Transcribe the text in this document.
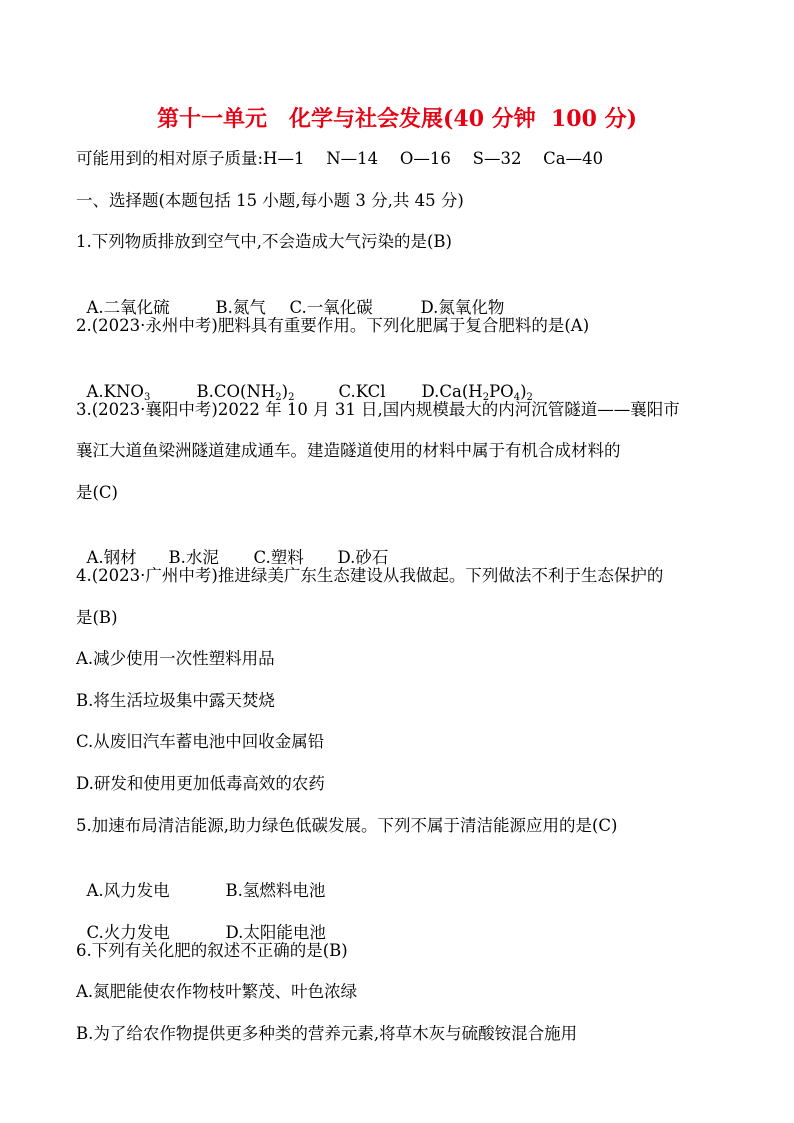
第十一单元　化学与社会发展(40 分钟  100 分)
可能用到的相对原子质量:H—1　 N—14　 O—16　 S—32　 Ca—40
一、选择题(本题包括 15 小题,每小题 3 分,共 45 分)
1.下列物质排放到空气中,不会造成大气污染的是(B)

A.二氧化硫	B.氮气 C.一氧化碳	D.氮氧化物

2.(2023·永州中考)肥料具有重要作用。下列化肥属于复合肥料的是(A)

$A.KNO_3$	$B.CO(NH_2)_2$	C.KCl $D.Ca(H_2PO_4)_2$

3.(2023·襄阳中考)2022 年 10 月 31 日,国内规模最大的内河沉管隧道——襄阳市
襄江大道鱼梁洲隧道建成通车。建造隧道使用的材料中属于有机合成材料的
是(C)

A.钢材 B.水泥 C.塑料 D.砂石

4.(2023·广州中考)推进绿美广东生态建设从我做起。下列做法不利于生态保护的
是(B)
A.减少使用一次性塑料用品
B.将生活垃圾集中露天焚烧
C.从废旧汽车蓄电池中回收金属铅
D.研发和使用更加低毒高效的农药
5.加速布局清洁能源,助力绿色低碳发展。下列不属于清洁能源应用的是(C)

A.风力发电	B.氢燃料电池

C.火力发电	D.太阳能电池

6.下列有关化肥的叙述不正确的是(B)
A.氮肥能使农作物枝叶繁茂、叶色浓绿
B.为了给农作物提供更多种类的营养元素,将草木灰与硫酸铵混合施用
